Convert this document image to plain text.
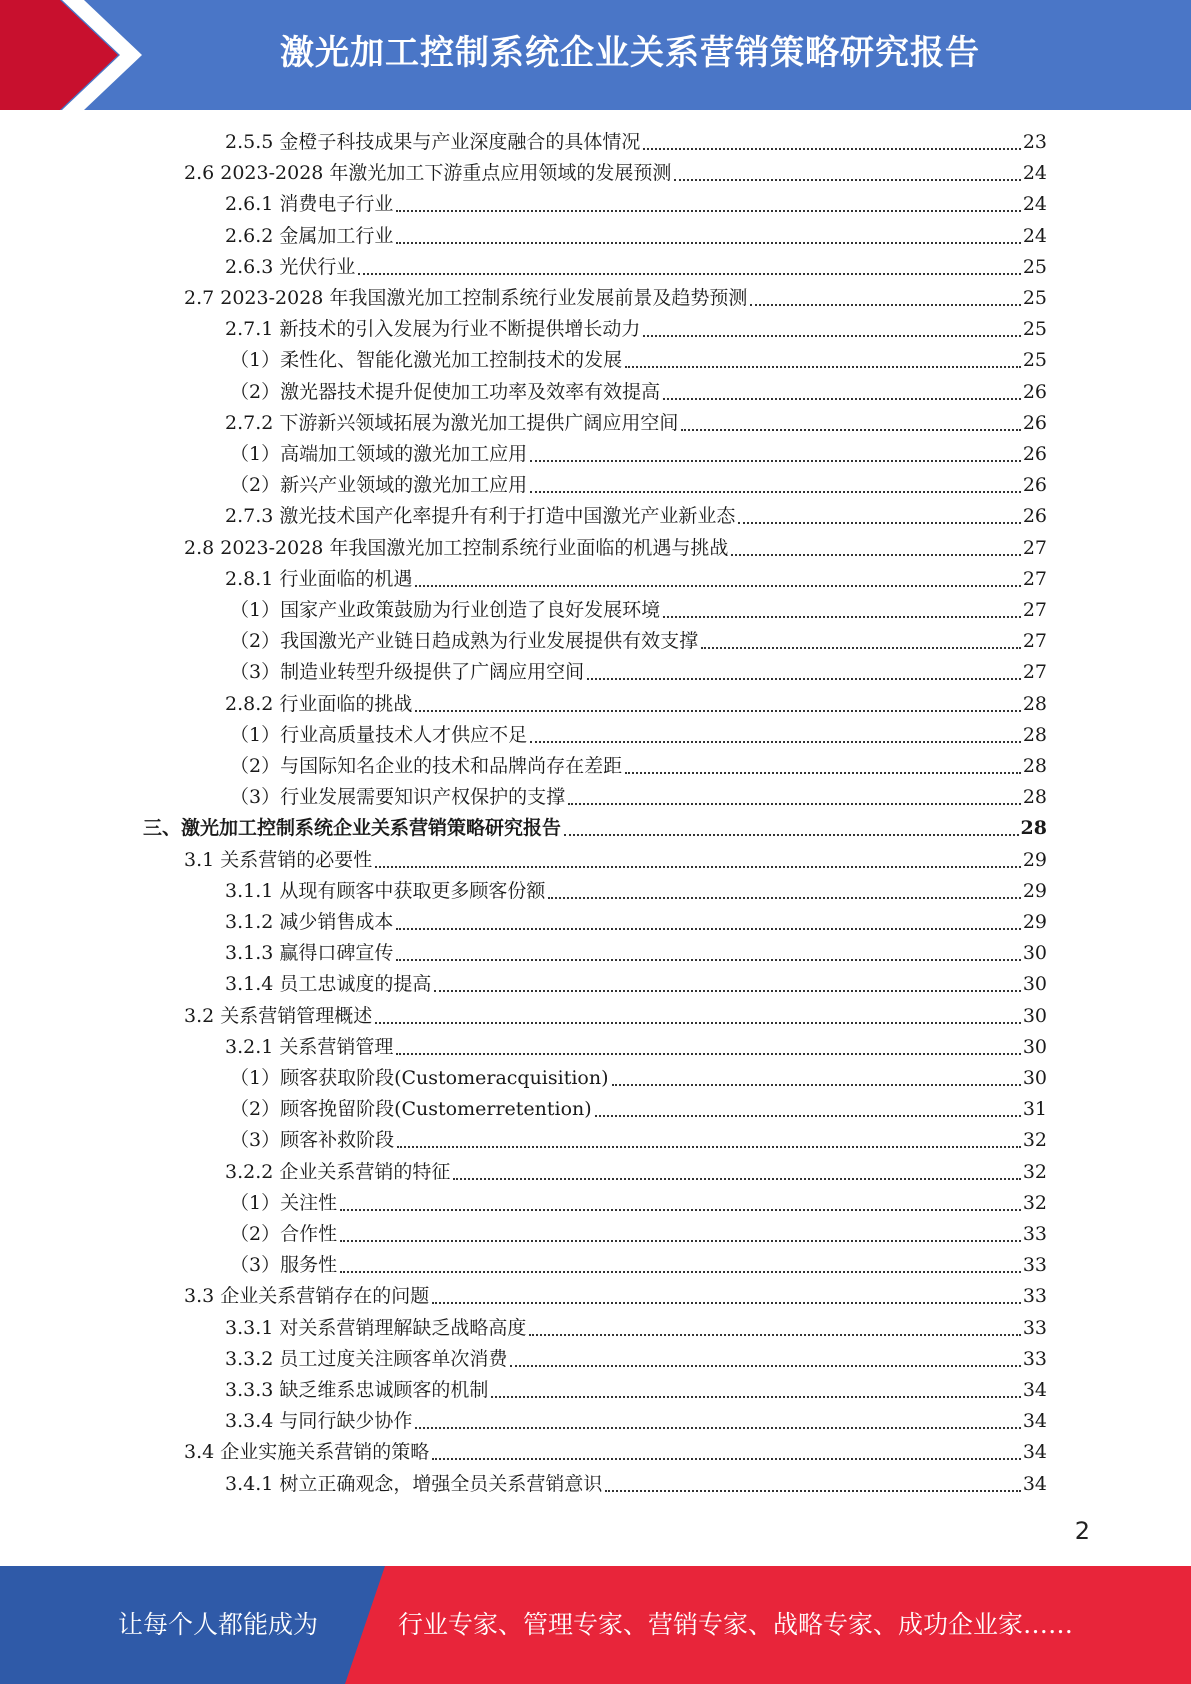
激光加工控制系统企业关系营销策略研究报告
2.5.5 金橙子科技成果与产业深度融合的具体情况	23
2.6 2023-2028 年激光加工下游重点应用领域的发展预测	24
2.6.1 消费电子行业	24
2.6.2 金属加工行业	24
2.6.3 光伏行业	25
2.7 2023-2028 年我国激光加工控制系统行业发展前景及趋势预测	25
2.7.1 新技术的引入发展为行业不断提供增长动力	25
（1）柔性化、智能化激光加工控制技术的发展	25
（2）激光器技术提升促使加工功率及效率有效提高	26
2.7.2 下游新兴领域拓展为激光加工提供广阔应用空间	26
（1）高端加工领域的激光加工应用	26
（2）新兴产业领域的激光加工应用	26
2.7.3 激光技术国产化率提升有利于打造中国激光产业新业态	26
2.8 2023-2028 年我国激光加工控制系统行业面临的机遇与挑战	27
2.8.1 行业面临的机遇	27
（1）国家产业政策鼓励为行业创造了良好发展环境	27
（2）我国激光产业链日趋成熟为行业发展提供有效支撑	27
（3）制造业转型升级提供了广阔应用空间	27
2.8.2 行业面临的挑战	28
（1）行业高质量技术人才供应不足	28
（2）与国际知名企业的技术和品牌尚存在差距	28
（3）行业发展需要知识产权保护的支撑	28
三、激光加工控制系统企业关系营销策略研究报告	28
3.1 关系营销的必要性	29
3.1.1 从现有顾客中获取更多顾客份额	29
3.1.2 减少销售成本	29
3.1.3 赢得口碑宣传	30
3.1.4 员工忠诚度的提高	30
3.2 关系营销管理概述	30
3.2.1 关系营销管理	30
（1）顾客获取阶段(Customeracquisition)	30
（2）顾客挽留阶段(Customerretention)	31
（3）顾客补救阶段	32
3.2.2 企业关系营销的特征	32
（1）关注性	32
（2）合作性	33
（3）服务性	33
3.3 企业关系营销存在的问题	33
3.3.1 对关系营销理解缺乏战略高度	33
3.3.2 员工过度关注顾客单次消费	33
3.3.3 缺乏维系忠诚顾客的机制	34
3.3.4 与同行缺少协作	34
3.4 企业实施关系营销的策略	34
3.4.1 树立正确观念，增强全员关系营销意识	34
2
让每个人都能成为	行业专家、管理专家、营销专家、战略专家、成功企业家……
